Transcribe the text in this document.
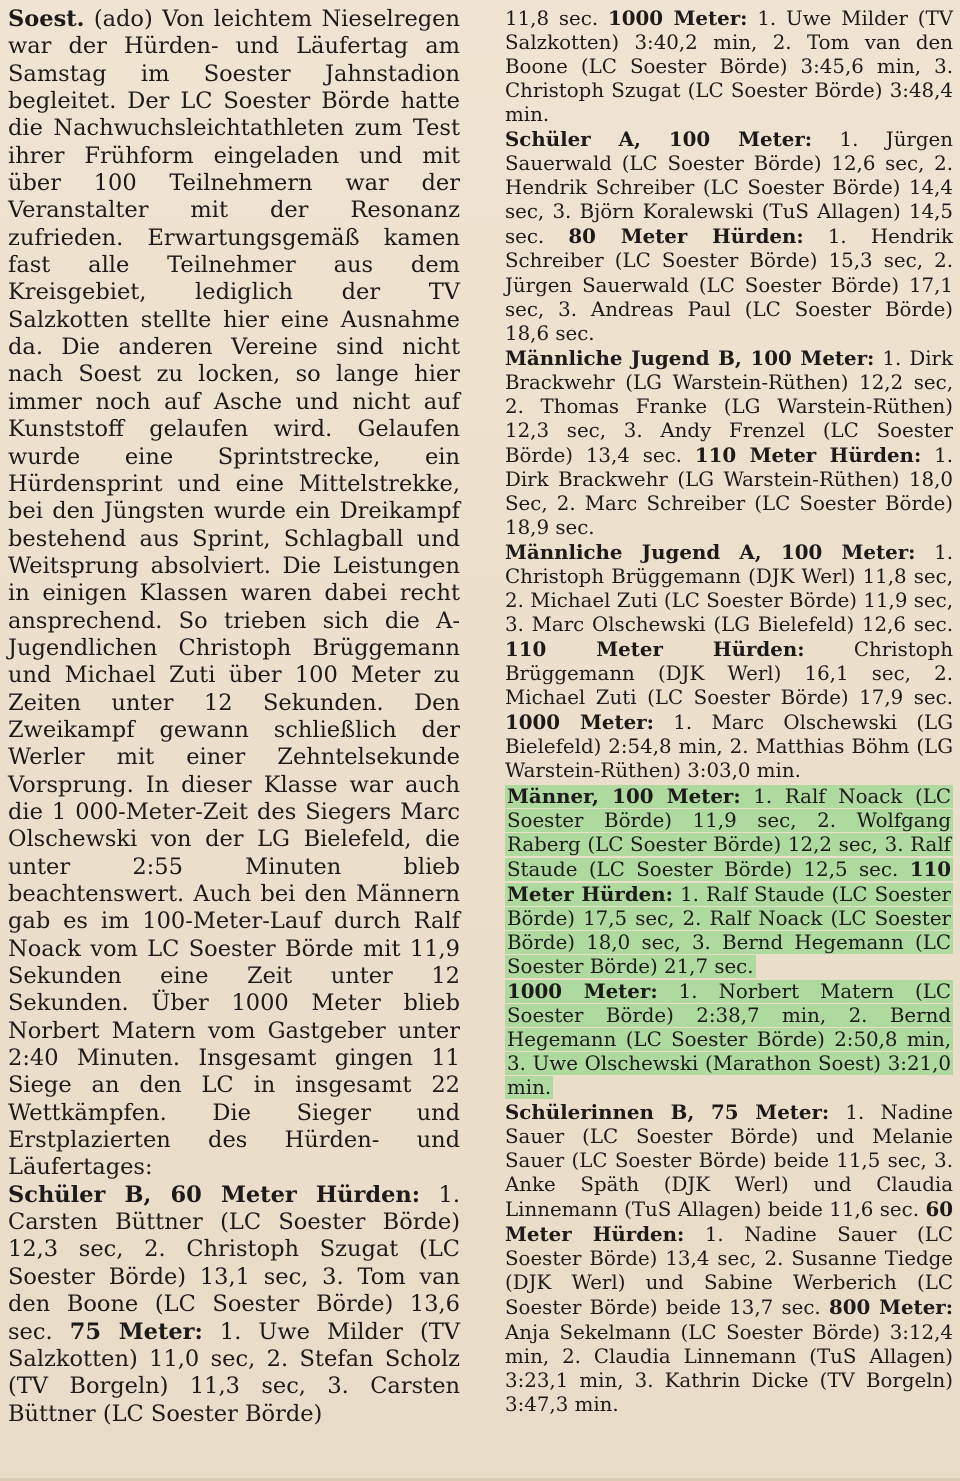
Soest. (ado) Von leichtem Nieselregen war der Hürden- und Läufertag am Samstag im Soester Jahnstadion begleitet. Der LC Soester Börde hatte die Nachwuchsleichtathleten zum Test ihrer Frühform eingeladen und mit über 100 Teilnehmern war der Veranstalter mit der Resonanz zufrieden. Erwartungsgemäß kamen fast alle Teilnehmer aus dem Kreisgebiet, lediglich der TV Salzkotten stellte hier eine Ausnahme da. Die anderen Vereine sind nicht nach Soest zu locken, so lange hier immer noch auf Asche und nicht auf Kunststoff gelaufen wird. Gelaufen wurde eine Sprintstrecke, ein Hürdensprint und eine Mittelstrekke, bei den Jüngsten wurde ein Dreikampf bestehend aus Sprint, Schlagball und Weitsprung absolviert. Die Leistungen in einigen Klassen waren dabei recht ansprechend. So trieben sich die A-Jugendlichen Christoph Brüggemann und Michael Zuti über 100 Meter zu Zeiten unter 12 Sekunden. Den Zweikampf gewann schließlich der Werler mit einer Zehntelsekunde Vorsprung. In dieser Klasse war auch die 1 000-Meter-Zeit des Siegers Marc Olschewski von der LG Bielefeld, die unter 2:55 Minuten blieb beachtenswert. Auch bei den Männern gab es im 100-Meter-Lauf durch Ralf Noack vom LC Soester Börde mit 11,9 Sekunden eine Zeit unter 12 Sekunden. Über 1000 Meter blieb Norbert Matern vom Gastgeber unter 2:40 Minuten. Insgesamt gingen 11 Siege an den LC in insgesamt 22 Wettkämpfen. Die Sieger und Erstplazierten des Hürden- und Läufertages:

Schüler B, 60 Meter Hürden: 1. Carsten Büttner (LC Soester Börde) 12,3 sec, 2. Christoph Szugat (LC Soester Börde) 13,1 sec, 3. Tom van den Boone (LC Soester Börde) 13,6 sec. 75 Meter: 1. Uwe Milder (TV Salzkotten) 11,0 sec, 2. Stefan Scholz (TV Borgeln) 11,3 sec, 3. Carsten Büttner (LC Soester Börde)

11,8 sec. 1000 Meter: 1. Uwe Milder (TV Salzkotten) 3:40,2 min, 2. Tom van den Boone (LC Soester Börde) 3:45,6 min, 3. Christoph Szugat (LC Soester Börde) 3:48,4 min.

Schüler A, 100 Meter: 1. Jürgen Sauerwald (LC Soester Börde) 12,6 sec, 2. Hendrik Schreiber (LC Soester Börde) 14,4 sec, 3. Björn Koralewski (TuS Allagen) 14,5 sec. 80 Meter Hürden: 1. Hendrik Schreiber (LC Soester Börde) 15,3 sec, 2. Jürgen Sauerwald (LC Soester Börde) 17,1 sec, 3. Andreas Paul (LC Soester Börde) 18,6 sec.

Männliche Jugend B, 100 Meter: 1. Dirk Brackwehr (LG Warstein-Rüthen) 12,2 sec, 2. Thomas Franke (LG Warstein-Rüthen) 12,3 sec, 3. Andy Frenzel (LC Soester Börde) 13,4 sec. 110 Meter Hürden: 1. Dirk Brackwehr (LG Warstein-Rüthen) 18,0 Sec, 2. Marc Schreiber (LC Soester Börde) 18,9 sec.

Männliche Jugend A, 100 Meter: 1. Christoph Brüggemann (DJK Werl) 11,8 sec, 2. Michael Zuti (LC Soester Börde) 11,9 sec, 3. Marc Olschewski (LG Bielefeld) 12,6 sec. 110 Meter Hürden: Christoph Brüggemann (DJK Werl) 16,1 sec, 2. Michael Zuti (LC Soester Börde) 17,9 sec. 1000 Meter: 1. Marc Olschewski (LG Bielefeld) 2:54,8 min, 2. Matthias Böhm (LG Warstein-Rüthen) 3:03,0 min.

Männer, 100 Meter: 1. Ralf Noack (LC Soester Börde) 11,9 sec, 2. Wolfgang Raberg (LC Soester Börde) 12,2 sec, 3. Ralf Staude (LC Soester Börde) 12,5 sec. 110 Meter Hürden: 1. Ralf Staude (LC Soester Börde) 17,5 sec, 2. Ralf Noack (LC Soester Börde) 18,0 sec, 3. Bernd Hegemann (LC Soester Börde) 21,7 sec.

1000 Meter: 1. Norbert Matern (LC Soester Börde) 2:38,7 min, 2. Bernd Hegemann (LC Soester Börde) 2:50,8 min, 3. Uwe Olschewski (Marathon Soest) 3:21,0 min.

Schülerinnen B, 75 Meter: 1. Nadine Sauer (LC Soester Börde) und Melanie Sauer (LC Soester Börde) beide 11,5 sec, 3. Anke Späth (DJK Werl) und Claudia Linnemann (TuS Allagen) beide 11,6 sec. 60 Meter Hürden: 1. Nadine Sauer (LC Soester Börde) 13,4 sec, 2. Susanne Tiedge (DJK Werl) und Sabine Werberich (LC Soester Börde) beide 13,7 sec. 800 Meter: Anja Sekelmann (LC Soester Börde) 3:12,4 min, 2. Claudia Linnemann (TuS Allagen) 3:23,1 min, 3. Kathrin Dicke (TV Borgeln) 3:47,3 min.
